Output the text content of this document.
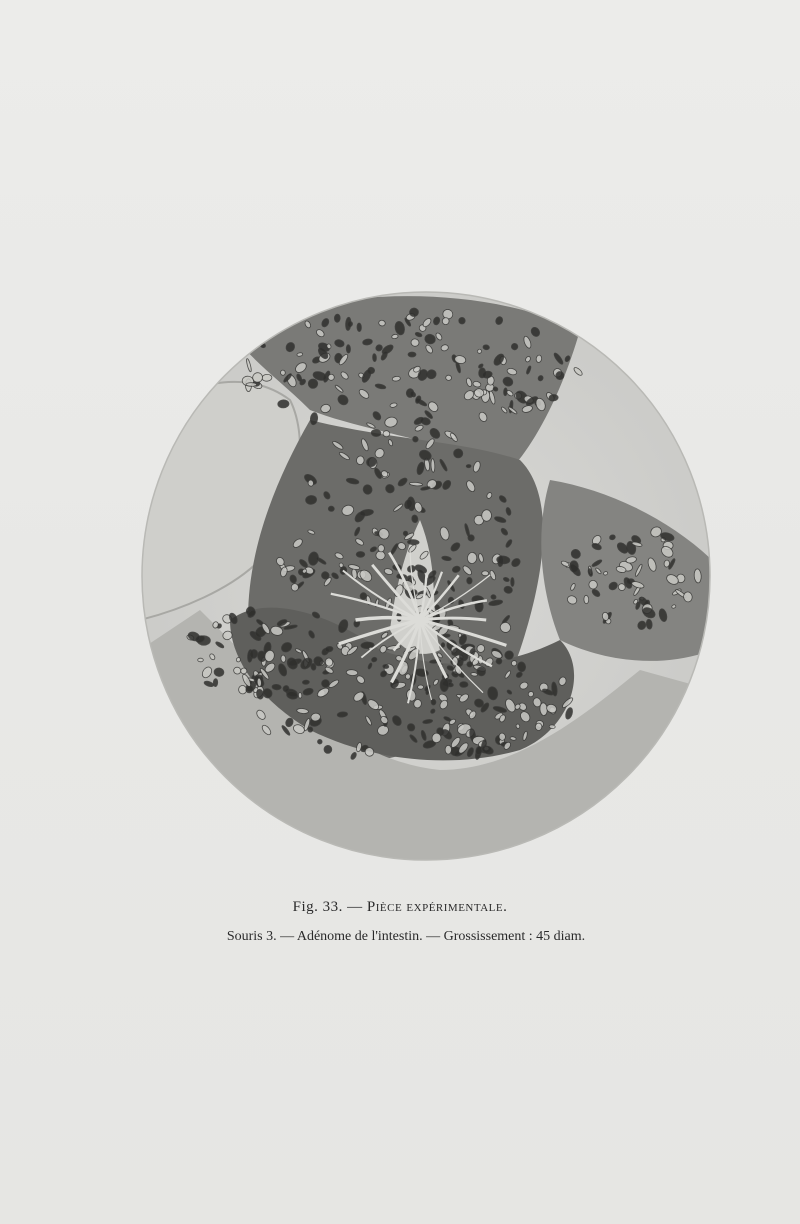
Fig. 33. — Pièce expérimentale.
Souris 3. — Adénome de l'intestin. — Grossissement : 45 diam.
